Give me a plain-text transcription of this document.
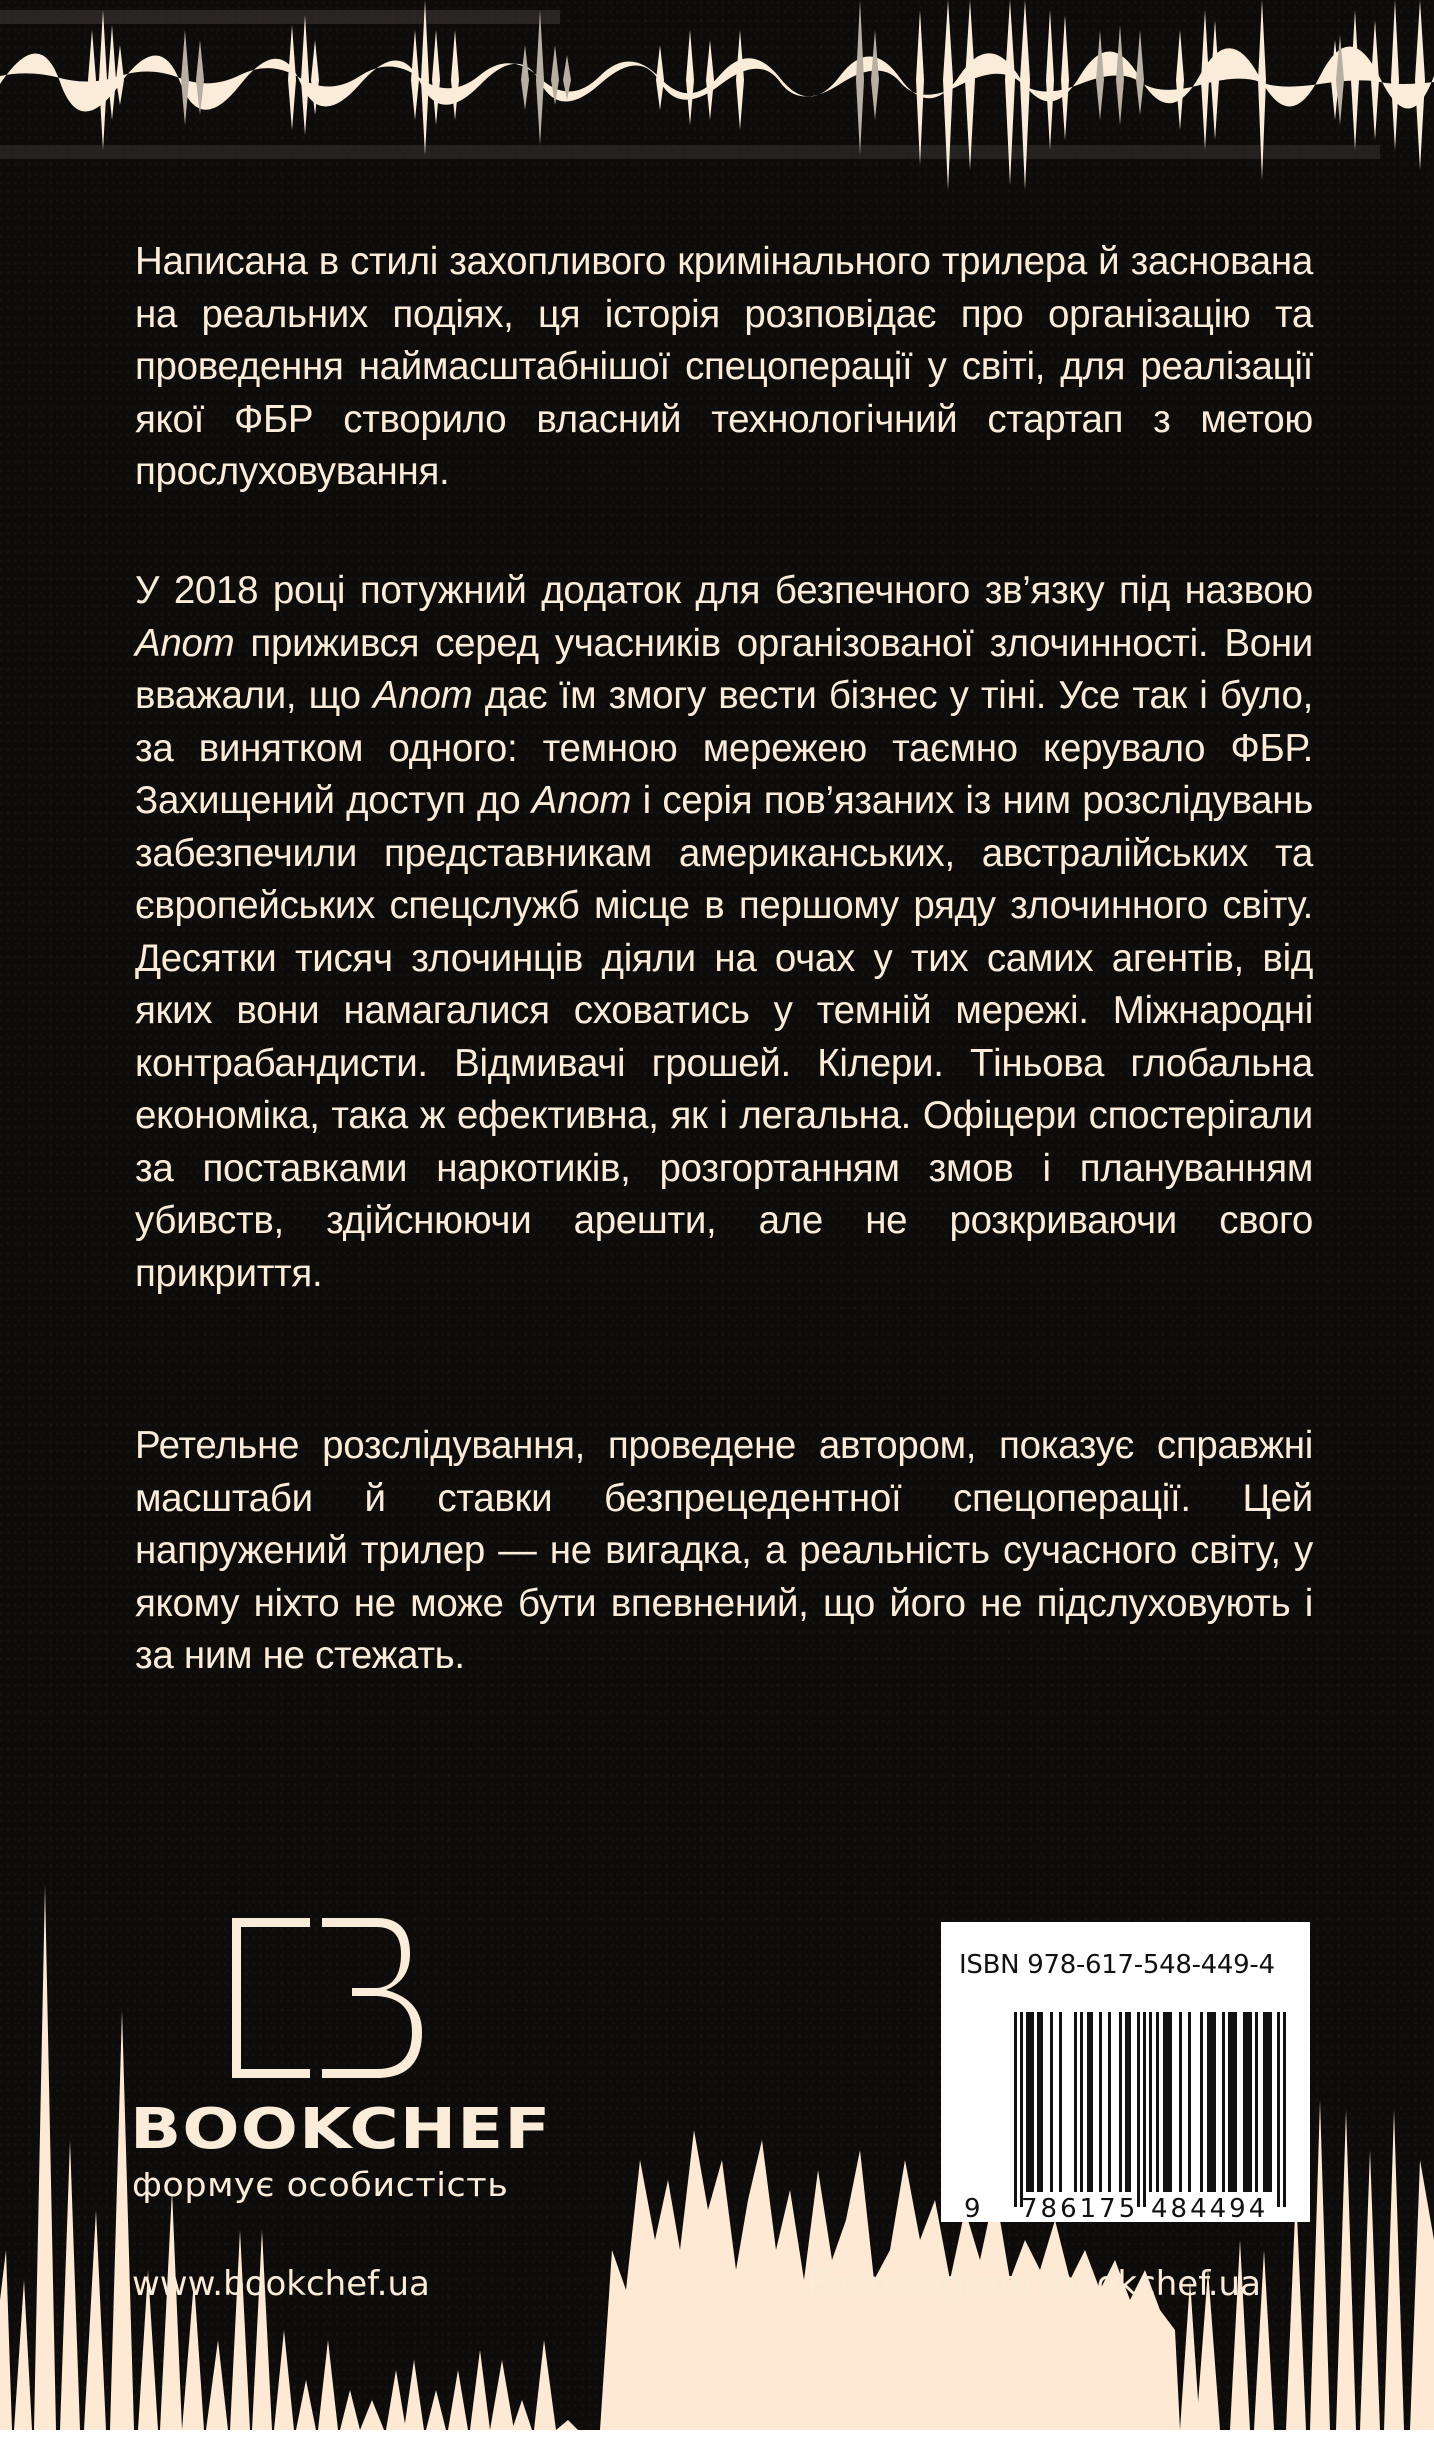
Написана в стилі захопливого кримінального трилера й заснована на реальних подіях, ця історія розповідає про організацію та проведення наймасштабнішої спецоперації у світі, для реалізації якої ФБР створило власний технологічний стартап з метою прослуховування.

У 2018 році потужний додаток для безпечного зв’язку під назвою Anom прижився серед учасників організованої злочинності. Вони вважали, що Anom дає їм змогу вести бізнес у тіні. Усе так і було, за винятком одного: темною мережею таємно керувало ФБР. Захищений доступ до Anom і серія пов’язаних із ним розслідувань забезпечили представникам американських, австралійських та європейських спецслужб місце в першому ряду злочинного світу. Десятки тисяч злочинців діяли на очах у тих самих агентів, від яких вони намагалися сховатись у темній мережі. Міжнародні контрабандисти. Відмивачі грошей. Кілери. Тіньова глобальна економіка, така ж ефективна, як і легальна. Офіцери спостерігали за поставками наркотиків, розгортанням змов і плануванням убивств, здійснюючи арешти, але не розкриваючи свого прикриття.

Ретельне розслідування, проведене автором, показує справжні масштаби й ставки безпрецедентної спецоперації. Цей напружений трилер — не вигадка, а реальність сучасного світу, у якому ніхто не може бути впевнений, що його не підслуховують і за ним не стежать.

BOOKCHEF
формує особистість
www.bookchef.ua	Fb Instagram /bookchef.ua
ISBN 978-617-548-449-4
9 786175 484494
